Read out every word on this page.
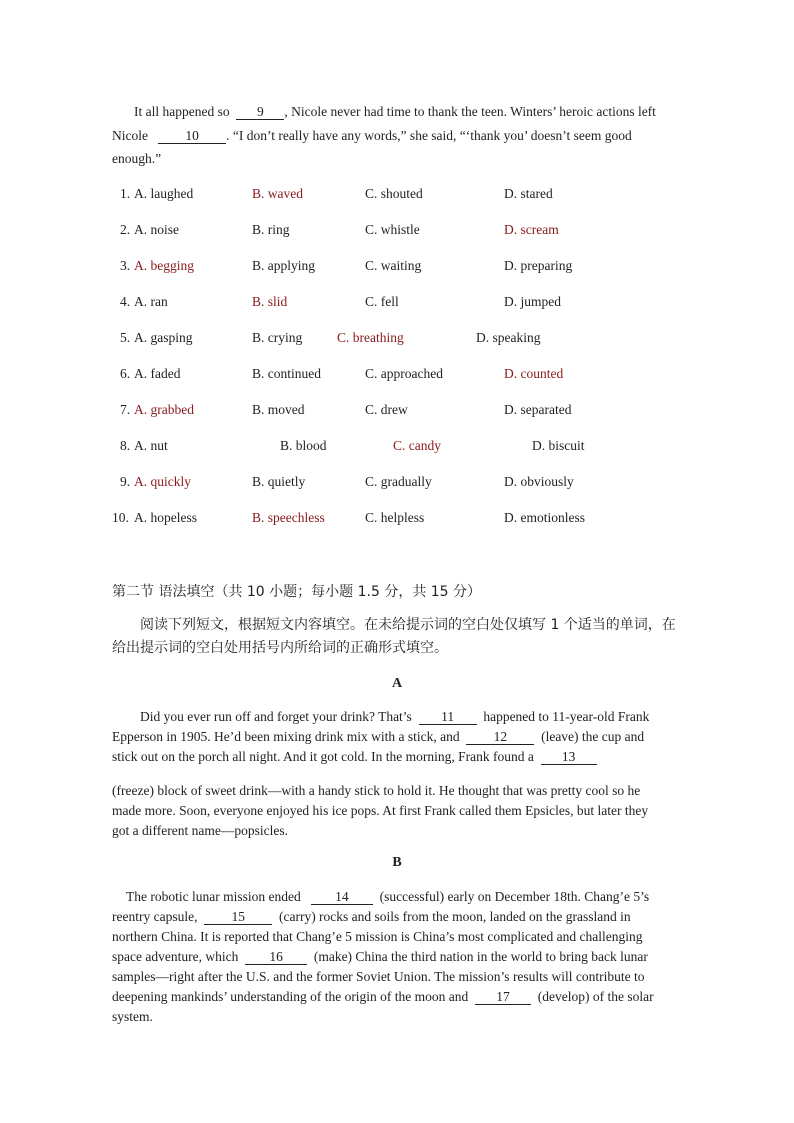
It all happened so 9 , Nicole never had time to thank the teen. Winters’ heroic actions left
Nicole	10 . “I don’t really have any words,” she said, “‘thank you’ doesn’t seem good
enough.”
1. A. laughed	B. waved	C. shouted	D. stared
2. A. noise	B. ring	C. whistle	D. scream
3. A. begging	B. applying	C. waiting	D. preparing
4. A. ran	B. slid	C. fell	D. jumped
5. A. gasping	B. crying	C. breathing	D. speaking
6. A. faded	B. continued	C. approached	D. counted
7. A. grabbed	B. moved	C. drew	D. separated
8. A. nut	B. blood	C. candy	D. biscuit
9. A. quickly	B. quietly	C. gradually	D. obviously
10. A. hopeless	B. speechless	C. helpless	D. emotionless
第二节 语法填空（共 10 小题；每小题 1.5 分，共 15 分）
阅读下列短文，根据短文内容填空。在未给提示词的空白处仅填写 1 个适当的单词，在
给出提示词的空白处用括号内所给词的正确形式填空。
A
Did you ever run off and forget your drink? That’s 11 happened to 11-year-old Frank
Epperson in 1905. He’d been mixing drink mix with a stick, and	12	(leave) the cup and
stick out on the porch all night. And it got cold. In the morning, Frank found a 13
(freeze) block of sweet drink—with a handy stick to hold it. He thought that was pretty cool so he
made more. Soon, everyone enjoyed his ice pops. At first Frank called them Epsicles, but later they
got a different name—popsicles.
B
The robotic lunar mission ended	14 (successful) early on December 18th. Chang’e 5’s
reentry capsule,	15	(carry) rocks and soils from the moon, landed on the grassland in
northern China. It is reported that Chang’e 5 mission is China’s most complicated and challenging
space adventure, which 16 (make) China the third nation in the world to bring back lunar
samples—right after the U.S. and the former Soviet Union. The mission’s results will contribute to
deepening mankinds’ understanding of the origin of the moon and 17 (develop) of the solar
system.
